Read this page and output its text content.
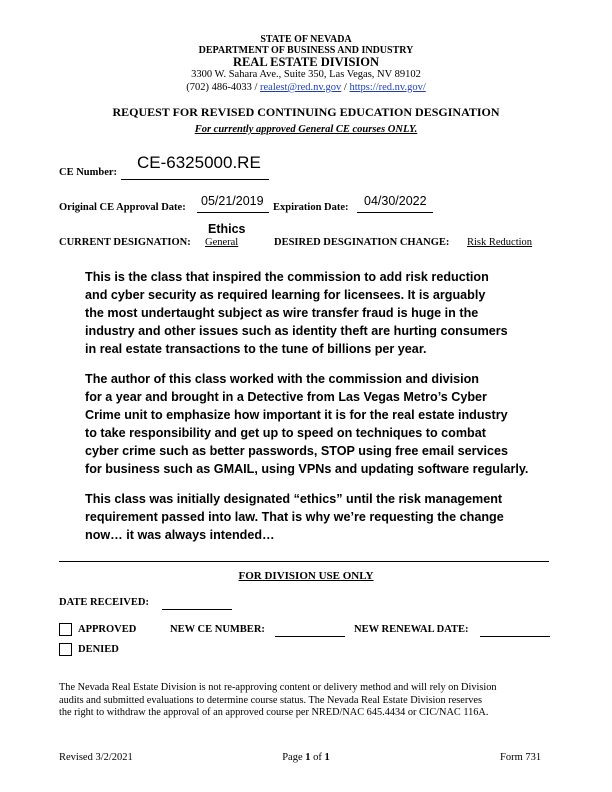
STATE OF NEVADA
DEPARTMENT OF BUSINESS AND INDUSTRY
REAL ESTATE DIVISION
3300 W. Sahara Ave., Suite 350, Las Vegas, NV 89102
(702) 486-4033 / realest@red.nv.gov / https://red.nv.gov/
REQUEST FOR REVISED CONTINUING EDUCATION DESGINATION
For currently approved General CE courses ONLY.
CE Number:
CE-6325000.RE
Original CE Approval Date: 05/21/2019 Expiration Date: 04/30/2022
Ethics
CURRENT DESIGNATION: General	DESIRED DESGINATION CHANGE: Risk Reduction

This is the class that inspired the commission to add risk reduction
and cyber security as required learning for licensees. It is arguably
the most undertaught subject as wire transfer fraud is huge in the
industry and other issues such as identity theft are hurting consumers
in real estate transactions to the tune of billions per year.

The author of this class worked with the commission and division
for a year and brought in a Detective from Las Vegas Metro’s Cyber
Crime unit to emphasize how important it is for the real estate industry
to take responsibility and get up to speed on techniques to combat
cyber crime such as better passwords, STOP using free email services
for business such as GMAIL, using VPNs and updating software regularly.

This class was initially designated “ethics” until the risk management
requirement passed into law. That is why we’re requesting the change
now… it was always intended…

FOR DIVISION USE ONLY
DATE RECEIVED:
APPROVED	NEW CE NUMBER:	NEW RENEWAL DATE:
DENIED
The Nevada Real Estate Division is not re-approving content or delivery method and will rely on Division
audits and submitted evaluations to determine course status. The Nevada Real Estate Division reserves
the right to withdraw the approval of an approved course per NRED/NAC 645.4434 or CIC/NAC 116A.
Revised 3/2/2021	Page 1 of 1	Form 731
